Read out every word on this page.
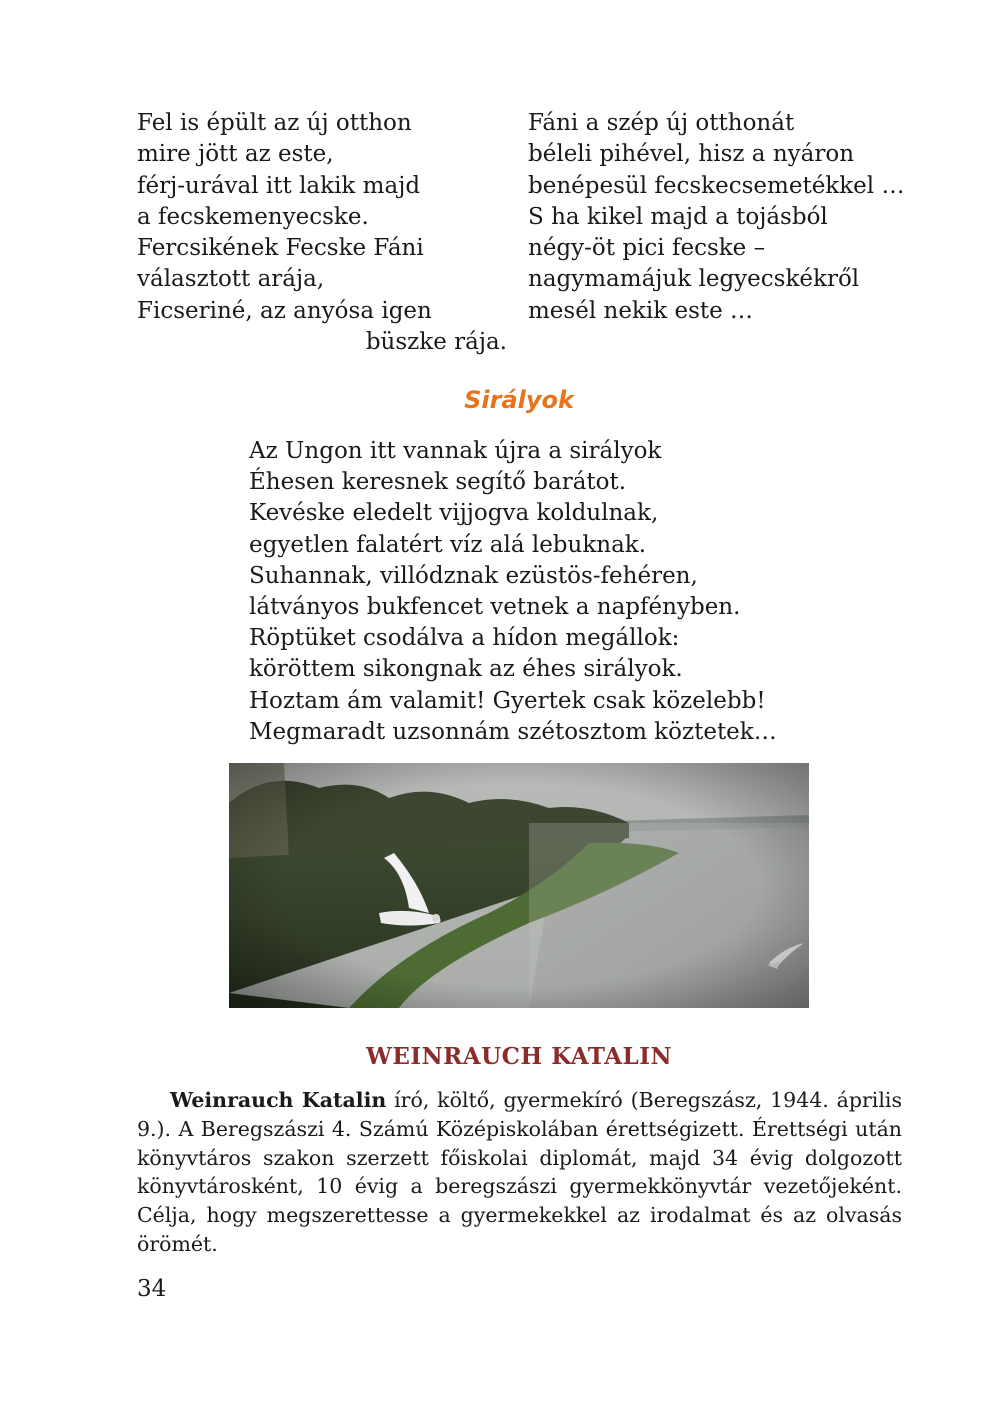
Fel is épült az új otthon
mire jött az este,
férj-urával itt lakik majd
a fecskemenyecske.
Fercsikének Fecske Fáni
választott arája,
Ficseriné, az anyósa igen
büszke rája.
Fáni a szép új otthonát
béleli pihével, hisz a nyáron
benépesül fecskecsemetékkel …
S ha kikel majd a tojásból
négy-öt pici fecske –
nagymamájuk legyecskékről
mesél nekik este …
Sirályok
Az Ungon itt vannak újra a sirályok
Éhesen keresnek segítő barátot.
Kevéske eledelt vijjogva koldulnak,
egyetlen falatért víz alá lebuknak.
Suhannak, villódznak ezüstös-fehéren,
látványos bukfencet vetnek a napfényben.
Röptüket csodálva a hídon megállok:
köröttem sikongnak az éhes sirályok.
Hoztam ám valamit! Gyertek csak közelebb!
Megmaradt uzsonnám szétosztom köztetek…
WEINRAUCH KATALIN
Weinrauch Katalin író, költő, gyermekíró (Beregszász, 1944. április 9.). A Beregszászi 4. Számú Középiskolában érettségizett. Érettségi után könyvtáros szakon szerzett főiskolai diplomát, majd 34 évig dolgozott könyvtárosként, 10 évig a beregszászi gyermekkönyvtár vezetőjeként. Célja, hogy megszerettesse a gyermekekkel az irodalmat és az olvasás örömét.
34
